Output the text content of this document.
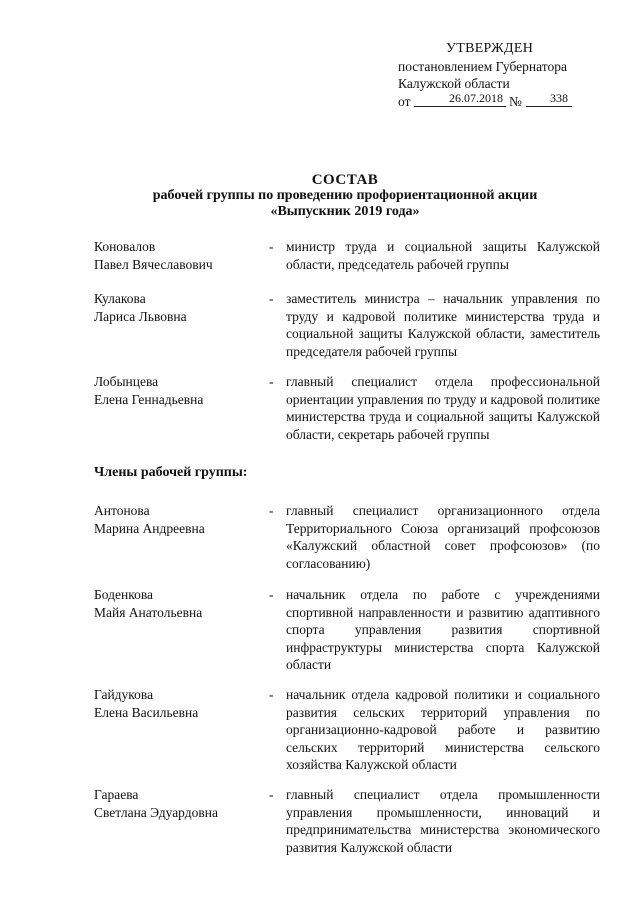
УТВЕРЖДЕН
постановлением Губернатора
Калужской области
от	26.07.2018 №	338
СОСТАВ
рабочей группы по проведению профориентационной акции
«Выпускник 2019 года»
Коновалов
Павел Вячеславович
- министр труда и социальной защиты Калужской области, председатель рабочей группы
Кулакова
Лариса Львовна
- заместитель министра – начальник управления по труду и кадровой политике министерства труда и социальной защиты Калужской области, заместитель председателя рабочей группы
Лобынцева
Елена Геннадьевна
- главный специалист отдела профессиональной ориентации управления по труду и кадровой политике министерства труда и социальной защиты Калужской области, секретарь рабочей группы
Члены рабочей группы:
Антонова
Марина Андреевна
- главный специалист организационного отдела Территориального Союза организаций профсоюзов «Калужский областной совет профсоюзов» (по согласованию)
Боденкова
Майя Анатольевна
- начальник отдела по работе с учреждениями спортивной направленности и развитию адаптивного спорта управления развития спортивной инфраструктуры министерства спорта Калужской области
Гайдукова
Елена Васильевна
- начальник отдела кадровой политики и социального развития сельских территорий управления по организационно-кадровой работе и развитию сельских территорий министерства сельского хозяйства Калужской области
Гараева
Светлана Эдуардовна
- главный специалист отдела промышленности управления промышленности, инноваций и предпринимательства министерства экономического развития Калужской области
